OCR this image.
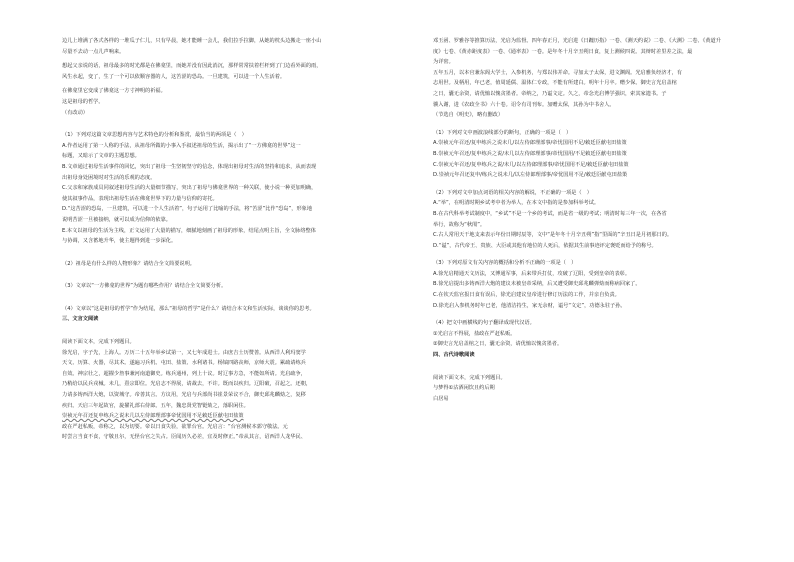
边儿上堆满了各式各样的一堆瓜子仁儿，只有早晨，她才能睡一会儿，我们拉手拉脚，从她的枕头边搬走一座小山
尽量不去动一点儿声响来。
想起父亲说的话，祖母最多的时光都是在佛龛里，而她并没有因此消沉，那样常常扶着栏杆到了门边看外面的雨，
风生水起，变了，生了一个可以依顺容器的人，这苦涩的恐岛。一旦建筑，可以进一个人生活着。
在佛龛里它变成了佛龛这一方寸神明的祈福。
这是祖母的哲学。
（有改动）
（1）下列对这篇文章思想内容与艺术特色的分析和鉴赏，最恰当的两项是（　）
A.作者运用了第一人称的手法，从祖母所做的小事入手叙述祖母的生活，揭示出了“一方佛龛的世界”这一
标题，又暗示了文章的主题思想。
B.文章通过祖母生活事件的回忆，突出了祖母一生坚韧坚守的信念，体现出祖母对生活的坚持和追求，从而表现
出祖母身处困境时对生活的乐观的态度。
C.父亲和家族成员同叙述祖母生活的大量细节描写，突出了祖母与佛龛世界的一种关联，使小说一种更加明确，
使其叙事作品，表现出祖母生活在佛龛世界下的力量与信仰的寄托。
D.“这苦涩的恐岛，一旦建筑，可以进一个人生活着”，句子运用了比喻的手法，将“苦涩”比作“恐岛”，形象地
说明苦涩一旦被接纳，就可以成为信仰的依靠。
E.本文以祖母的生活为主线，正文运用了大量的描写，细腻地刻画了祖母的形象，结尾点明主旨，全文脉络整体
与协调，又含蓄地升华，使主题得到进一步深化。
（2）祖母是有什么样的人物形象？请结合全文简要说明。
（3）文章以“一方佛龛的世界”为题有哪些作用？请结合全文简要分析。
（4）文章以“这是祖母的哲学”作为结尾，那么“祖母的哲学”是什么？请结合本文和生活实际，谈谈你的思考。
三、文言文阅读
阅读下面文本，完成下列题目。
徐光启，字子先，上海人。万历二十五年举乡试第一，又七年成进士。由庶吉士历赞善。从西洋人利玛窦学
天文、历算、火器，尽其术。遂遍习兵机、屯田、盐策、水利诸书。杨镐四路丧师，京师大震。累疏请练兵
自效。神宗壮之，超擢少詹事兼河南道御史。练兵通州，列上十议。时辽事方急，不能如所请。光启疏争，
乃稍给以民兵戎械。未几，熹宗即位。光启志不得展，请裁去，不许。既而以疾归。辽阳破，召起之。还朝，
力请多铸西洋大炮，以资城守。帝善其言。方议用，光启与兵部尚书崔景荣议不合，御史邱兆麟劾之，复移
疾归。天启三年起故官，旋擢礼部右侍郎。五年，魏忠贤党智铤劾之，落职闲住。
崇祯元年召还复申练兵之说未几以左侍郎理部事帝忧国用不足敕廷臣献屯田盐策
政在严赶私贩，帝称之，以为切要。帝以日食失验，欲罪台官。光启言：“台官测候本郭守敬法。元
时尝言当食不食，守敬且尔，无怪台官之失占。臣闻历久必差，宜及时修正。”帝从其言，诏西洋人龙华民、
邓玉函、罗雅谷等推算历法，光启为监督。四年春正月，光启进《日躔历指》一卷、《测天约说》二卷、《大测》二卷、《黄道升
度》七卷、《黄赤距度表》一卷、《通率表》一卷。是年冬十月辛丑朔日食，复上测候四说。其辩时差里差之法，最
为详密。
五年五月，以本官兼东阁大学士，入参机务，与郑以伟并命。寻加太子太保，进文渊阁。光启雅负经济才，有
志用世。及柄用，年已老，值周延儒、温体仁专政，不能有所建白。明年十月卒。赠少保。御史言光启盖棺
之日，囊无余资，请优恤以愧贪墨者。帝纳之，乃谥文定。久之，帝念光启博学强识，索其家遗书。子
骥入谢，进《农政全书》六十卷。诏令有司刊布。加赠太保，其孙为中书舍人。
（节选自《明史》，略有删改）
（1）下列对文中画波浪线部分的断句，正确的一项是（　）
A.崇祯元年召还/复申练兵之说未几/以左侍郎理部事/帝忧国用不足/敕廷臣献屯田盐策
B.崇祯元年召还/复申练兵之说/未几以左侍郎理部事/帝忧国用/不足敕廷臣献屯田盐策
C.崇祯元年召还/复申练兵之说/未几/以左侍郎理部事/帝忧国用不足/敕廷臣献屯田盐策
D.崇祯元年召还复申/练兵之说未几/以左侍郎理部事/帝忧国用不足/敕廷臣献屯田盐策
（2）下列对文中加点词语的相关内容的解说，不正确的一项是（　）
A.“举”，在明清时期乡试考中者为举人，在本文中指的是参加科举考试。
B.在古代科举考试制度中，“乡试”不是一个乡的考试，而是省一级的考试；明清时每三年一次，在各省
举行，故称为“秋闱”。
C.古人常用天干地支来表示年份日期时辰等，文中“是年冬十月辛丑朔”指“里面的”辛丑日是月初那日的。
D.“谥”，古代帝王、贵族、大臣或其他有地位的人死后，依据其生前事迹评定褒贬而给予的称号。
（3）下列对原文有关内容的概括和分析不正确的一项是（　）
A.徐光启精通天文历法，又博通军事，后来带兵打仗，攻破了辽阳，受到皇帝的表彰。
B.徐光启提出多铸西洋大炮的建议未被皇帝采纳，后又遭受御史邱兆麟弹劾而称病回家了。
C.在钦天监官报日食有误后，徐光启建议皇帝进行修订历法的工作，并亲自负责。
D.徐光启入参机务时年已老，他清洁持生，家无余财，谥号“文定”，功德永驻子孙。
（4）把文中画横线的句子翻译成现代汉语。
①光启言不得展，盐政在严赶私贩。
②御史言光启盖棺之日，囊无余资，请优恤以愧贪墨者。
四、古代诗歌阅读
阅读下面文本，完成下列题目。
与梦得①沽酒闲饮且约后期
白居易
